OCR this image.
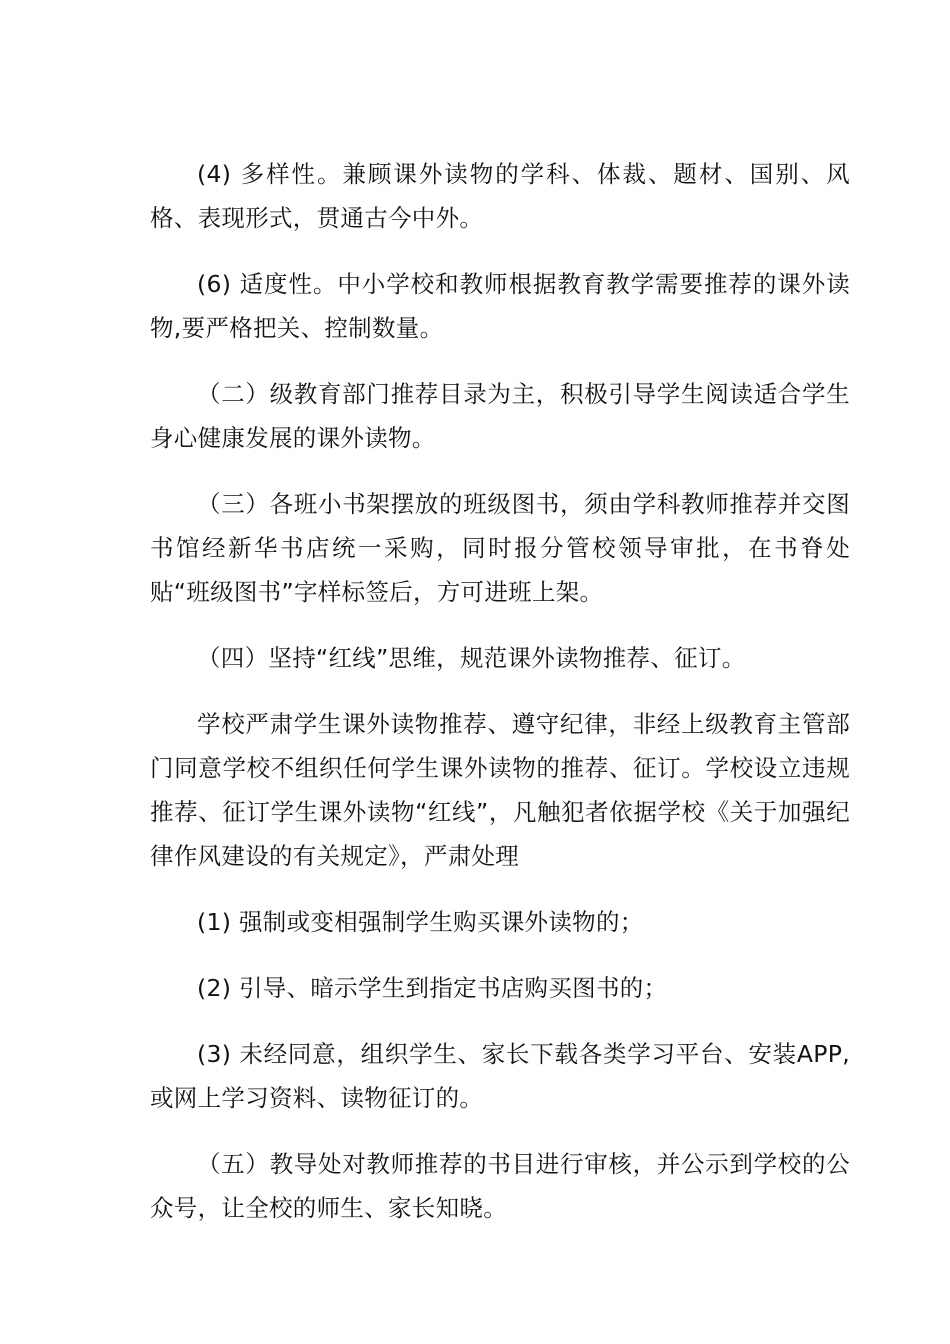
(4) 多样性。兼顾课外读物的学科、体裁、题材、国别、风格、表现形式，贯通古今中外。

(6) 适度性。中小学校和教师根据教育教学需要推荐的课外读物,要严格把关、控制数量。

（二）级教育部门推荐目录为主，积极引导学生阅读适合学生身心健康发展的课外读物。

（三）各班小书架摆放的班级图书，须由学科教师推荐并交图书馆经新华书店统一采购，同时报分管校领导审批，在书脊处贴“班级图书”字样标签后，方可进班上架。

（四）坚持“红线”思维，规范课外读物推荐、征订。

学校严肃学生课外读物推荐、遵守纪律，非经上级教育主管部门同意学校不组织任何学生课外读物的推荐、征订。学校设立违规推荐、征订学生课外读物“红线”，凡触犯者依据学校《关于加强纪律作风建设的有关规定》，严肃处理

(1) 强制或变相强制学生购买课外读物的；

(2) 引导、暗示学生到指定书店购买图书的；

(3) 未经同意，组织学生、家长下载各类学习平台、安装APP,或网上学习资料、读物征订的。

（五）教导处对教师推荐的书目进行审核，并公示到学校的公众号，让全校的师生、家长知晓。
